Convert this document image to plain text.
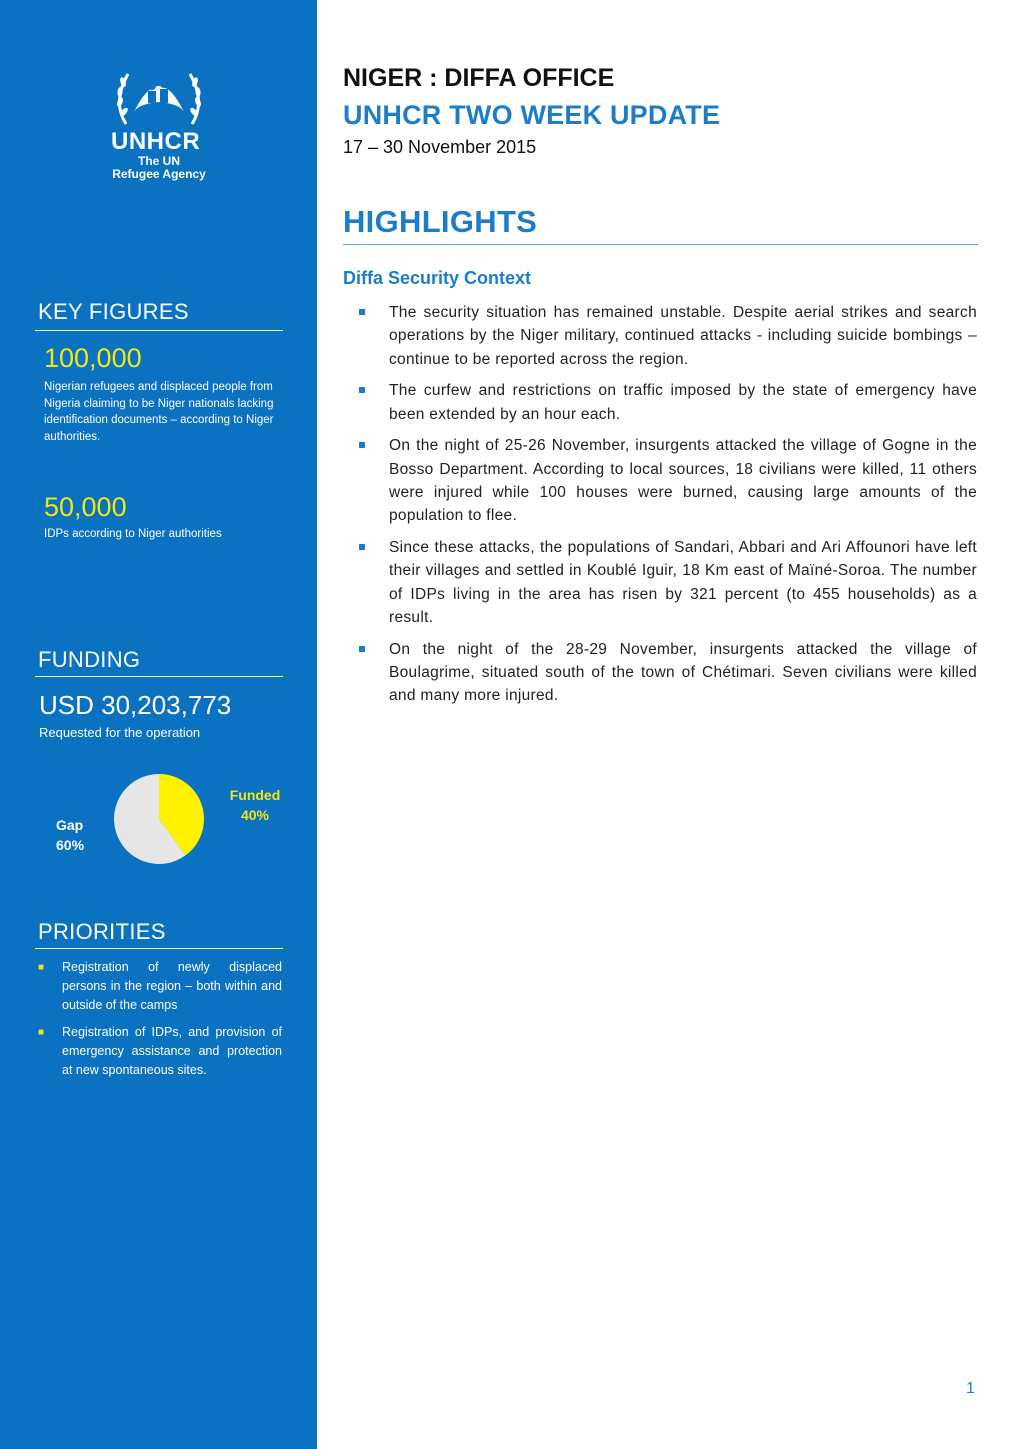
UNHCR
The UN
Refugee Agency
KEY FIGURES
100,000
Nigerian refugees and displaced people from Nigeria claiming to be Niger nationals lacking identification documents – according to Niger authorities.
50,000
IDPs according to Niger authorities
FUNDING
USD 30,203,773
Requested for the operation
Funded
40%
Gap
60%
PRIORITIES
■ Registration of newly displaced persons in the region – both within and outside of the camps
■ Registration of IDPs, and provision of emergency assistance and protection at new spontaneous sites.
NIGER : DIFFA OFFICE
UNHCR TWO WEEK UPDATE
17 – 30 November 2015
HIGHLIGHTS
Diffa Security Context
The security situation has remained unstable. Despite aerial strikes and search operations by the Niger military, continued attacks - including suicide bombings – continue to be reported across the region.
The curfew and restrictions on traffic imposed by the state of emergency have been extended by an hour each.
On the night of 25-26 November, insurgents attacked the village of Gogne in the Bosso Department. According to local sources, 18 civilians were killed, 11 others were injured while 100 houses were burned, causing large amounts of the population to flee.
Since these attacks, the populations of Sandari, Abbari and Ari Affounori have left their villages and settled in Koublé Iguir, 18 Km east of Maïné-Soroa. The number of IDPs living in the area has risen by 321 percent (to 455 households) as a result.
On the night of the 28-29 November, insurgents attacked the village of Boulagrime, situated south of the town of Chétimari. Seven civilians were killed and many more injured.
1
